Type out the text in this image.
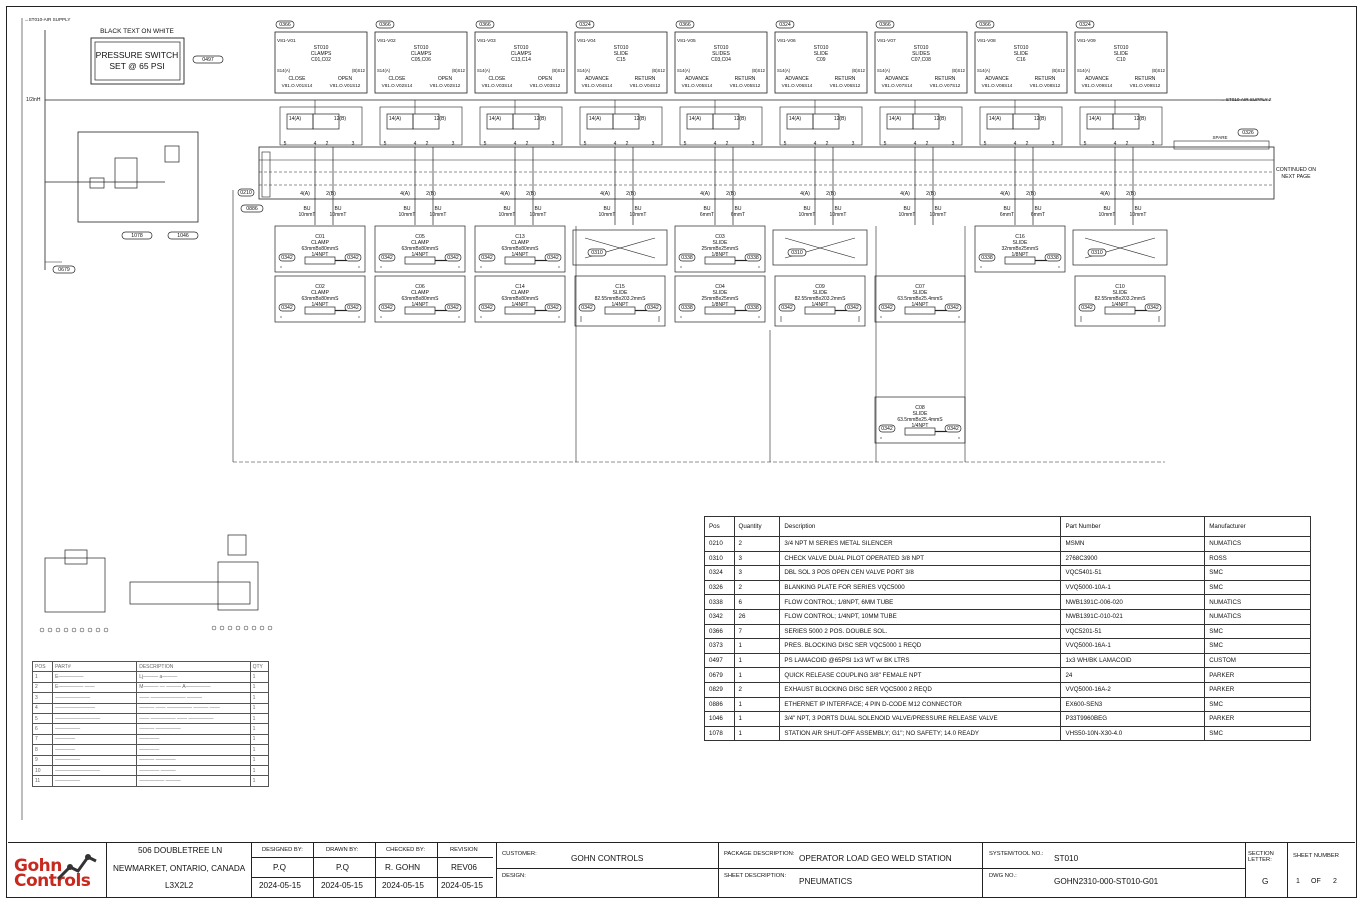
→ST010-AIR SUPPLY
1/2inH	→ ST010-AIR SUPPLY 2
BLACK TEXT ON WHITE
PRESSURE SWITCH
SET @ 65 PSI
0497
1078	1046
0679
CONTINUED ON
NEXT PAGE
SPARE
0326
0210
0886
0366
V81-V01
ST010
CLAMPS
C01,C02
S14(A)	(B)S12
CLOSE	OPEN
V81.O.V01S14	V81.O.V01S12
14(A)	12(B)
5	4 2	3
4(A)	2(B)
BU
10mmT
BU
10mmT
0366
V81-V02
ST010
CLAMPS
C05,C06
S14(A)	(B)S12
CLOSE	OPEN
V81.O.V02S14	V81.O.V02S12
14(A)	12(B)
5	4 2	3
4(A)	2(B)
BU
10mmT
BU
10mmT
0366
V81-V03
ST010
CLAMPS
C13,C14
S14(A)	(B)S12
CLOSE	OPEN
V81.O.V03S14	V81.O.V03S12
14(A)	12(B)
5	4 2	3
4(A)	2(B)
BU
10mmT
BU
10mmT
0324
V81-V04
ST010
SLIDE
C15
S14(A)	(B)S12
ADVANCE	RETURN
V81.O.V04S14	V81.O.V04S12
14(A)	12(B)
5	4 2	3
4(A)	2(B)
BU
10mmT
BU
10mmT
0366
V81-V05
ST010
SLIDES
C03,C04
S14(A)	(B)S12
ADVANCE	RETURN
V81.O.V05S14	V81.O.V05S12
14(A)	12(B)
5	4 2	3
4(A)	2(B)
BU
6mmT
BU
6mmT
0324
V81-V06
ST010
SLIDE
C09
S14(A)	(B)S12
ADVANCE	RETURN
V81.O.V06S14	V81.O.V06S12
14(A)	12(B)
5	4 2	3
4(A)	2(B)
BU
10mmT
BU
10mmT
0366
V81-V07
ST010
SLIDES
C07,C08
S14(A)	(B)S12
ADVANCE	RETURN
V81.O.V07S14	V81.O.V07S12
14(A)	12(B)
5	4 2	3
4(A)	2(B)
BU
10mmT
BU
10mmT
0366
V81-V08
ST010
SLIDE
C16
S14(A)	(B)S12
ADVANCE	RETURN
V81.O.V08S14	V81.O.V08S12
14(A)	12(B)
5	4 2	3
4(A)	2(B)
BU
6mmT
BU
6mmT
0324
V81-V09
ST010
SLIDE
C10
S14(A)	(B)S12
ADVANCE	RETURN
V81.O.V09S14	V81.O.V09S12
14(A)	12(B)
5	4 2	3
4(A)	2(B)
BU
10mmT
BU
10mmT
C01
CLAMP
63mmBx80mmS
1/4NPT
0342	0342
C02
CLAMP
63mmBx80mmS
1/4NPT
0342	0342
C05
CLAMP
63mmBx80mmS
1/4NPT
0342	0342
C06
CLAMP
63mmBx80mmS
1/4NPT
0342	0342
C13
CLAMP
63mmBx80mmS
1/4NPT
0342	0342
C14
CLAMP
63mmBx80mmS
1/4NPT
0342	0342
C15
SLIDE
82.55mmBx203.2mmS
1/4NPT
0342	0342
C03
SLIDE
25mmBx25mmS
1/8NPT
0338	0338
C04
SLIDE
25mmBx25mmS
1/8NPT
0338	0338
C09
SLIDE
82.55mmBx203.2mmS
1/4NPT
0342	0342
C07
SLIDE
63.5mmBx25.4mmS
1/4NPT
0342	0342
C08
SLIDE
63.5mmBx25.4mmS
1/4NPT
0342	0342
C16
SLIDE
32mmBx25mmS
1/8NPT
0338	0338
C10
SLIDE
82.55mmBx203.2mmS
1/4NPT
0342	0342
0310	0310	0310
Pos	Quantity	Description	Part Number	Manufacturer
0210	2	3/4 NPT M SERIES METAL SILENCER	MSMN	NUMATICS
0310	3	CHECK VALVE DUAL PILOT OPERATED 3/8 NPT	2768C3900	ROSS
0324	3	DBL SOL 3 POS OPEN CEN VALVE PORT 3/8	VQC5401-51	SMC
0326	2	BLANKING PLATE FOR SERIES VQC5000	VVQ5000-10A-1	SMC
0338	6	FLOW CONTROL; 1/8NPT, 6MM TUBE	NWB1391C-006-020	NUMATICS
0342	26	FLOW CONTROL; 1/4NPT, 10MM TUBE	NWB1391C-010-021	NUMATICS
0366	7	SERIES 5000 2 POS. DOUBLE SOL.	VQC5201-51	SMC
0373	1	PRES. BLOCKING DISC SER VQC5000 1 REQD	VVQ5000-16A-1	SMC
0497	1	PS LAMACOID @65PSI 1x3 WT w/ BK LTRS	1x3 WH/BK LAMACOID	CUSTOM
0679	1	QUICK RELEASE COUPLING 3/8" FEMALE NPT	24	PARKER
0829	2	EXHAUST BLOCKING DISC SER VQC5000 2 REQD	VVQ5000-16A-2	PARKER
0886	1	ETHERNET IP INTERFACE; 4 PIN D-CODE M12 CONNECTOR	EX600-SEN3	SMC
1046	1	3/4" NPT, 3 PORTS DUAL SOLENOID VALVE/PRESSURE RELEASE VALVE	P33T9960BEG	PARKER
1078	1	STATION AIR SHUT-OFF ASSEMBLY; G1"; NO SAFETY; 14.0 READY	VHS50-10N-X30-4.0	SMC
POS	PART#	DESCRIPTION	QTY
1	E—————	Lj——— a———	1
2	E————— ——	M——— — ——— A—————	1
3	———————	—— ——————— ———	1
4	————————	——— —— ————— ——— ——	1
5	—————————	—— ————— —— —————	1
6	—————	——— —————	1
7	————	————	1
8	————	————	1
9	—————	——— ————	1
10	—————————	———— ———	1
11	—————	————— ———	1
Gohn
Controls
506 DOUBLETREE LN
NEWMARKET, ONTARIO, CANADA
L3X2L2
DESIGNED BY:
P.Q
2024-05-15
DRAWN BY:
P.Q
2024-05-15
CHECKED BY:
R. GOHN
2024-05-15
REVISION
REV06
2024-05-15
CUSTOMER:	GOHN CONTROLS
DESIGN:
PACKAGE DESCRIPTION: OPERATOR LOAD GEO WELD STATION
SHEET DESCRIPTION:
PNEUMATICS
SYSTEM/TOOL NO.: ST010
DWG NO.:
GOHN2310-000-ST010-G01
SECTION
LETTER:
G
SHEET NUMBER
1 OF 2
